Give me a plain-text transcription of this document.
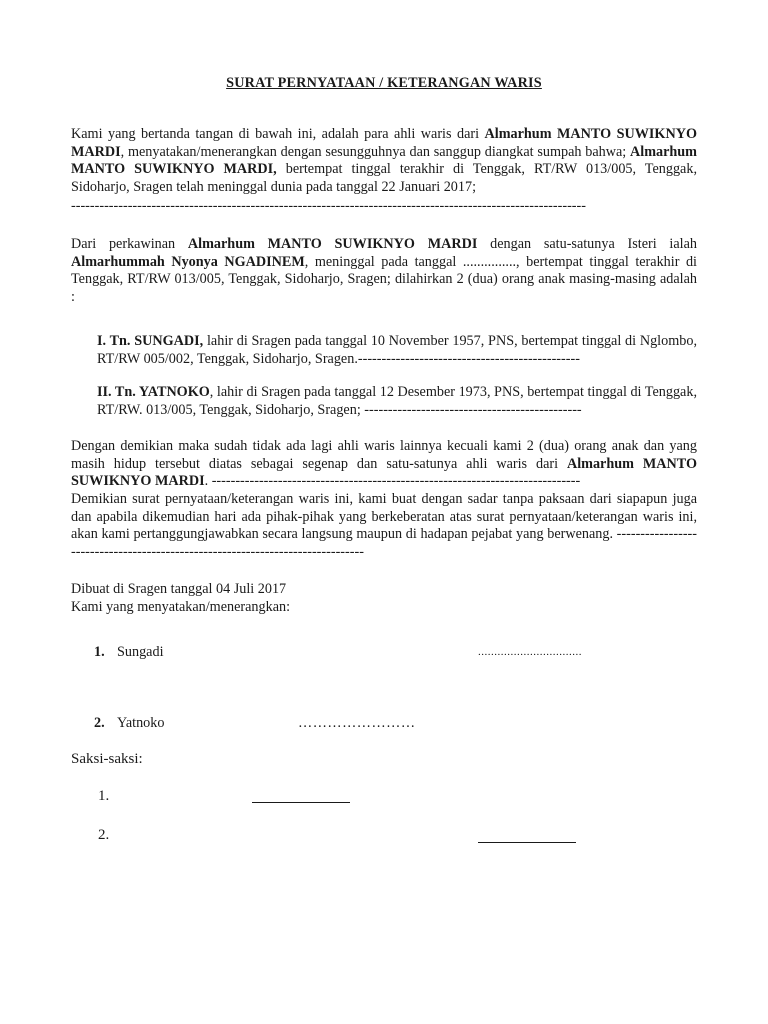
SURAT PERNYATAAN / KETERANGAN WARIS

Kami yang bertanda tangan di bawah ini, adalah para ahli waris dari Almarhum MANTO SUWIKNYO MARDI, menyatakan/menerangkan dengan sesungguhnya dan sanggup diangkat sumpah bahwa; Almarhum MANTO SUWIKNYO MARDI, bertempat tinggal terakhir di Tenggak, RT/RW 013/005, Tenggak, Sidoharjo, Sragen telah meninggal dunia pada tanggal 22 Januari 2017;

-------------------------------------------------------------------------------------------------------------

Dari perkawinan Almarhum MANTO SUWIKNYO MARDI dengan satu-satunya Isteri ialah Almarhummah Nyonya NGADINEM, meninggal pada tanggal ..............., bertempat tinggal terakhir di Tenggak, RT/RW 013/005, Tenggak, Sidoharjo, Sragen; dilahirkan 2 (dua) orang anak masing-masing adalah :

I. Tn. SUNGADI, lahir di Sragen pada tanggal 10 November 1957, PNS, bertempat tinggal di Nglombo, RT/RW 005/002, Tenggak, Sidoharjo, Sragen.-----------------------------------------------

II. Tn. YATNOKO, lahir di Sragen pada tanggal 12 Desember 1973, PNS, bertempat tinggal di Tenggak, RT/RW. 013/005, Tenggak, Sidoharjo, Sragen; ----------------------------------------------

Dengan demikian maka sudah tidak ada lagi ahli waris lainnya kecuali kami 2 (dua) orang anak dan yang masih hidup tersebut diatas sebagai segenap dan satu-satunya ahli waris dari Almarhum MANTO SUWIKNYO MARDI. ------------------------------------------------------------------------------

Demikian surat pernyataan/keterangan waris ini, kami buat dengan sadar tanpa paksaan dari siapapun juga dan apabila dikemudian hari ada pihak-pihak yang berkeberatan atas surat pernyataan/keterangan waris ini, akan kami pertanggungjawabkan secara langsung maupun di hadapan pejabat yang berwenang. -------------------------------------------------------------------------------

Dibuat di Sragen tanggal 04 Juli 2017
Kami yang menyatakan/menerangkan:
1. Sungadi	................................
2. Yatnoko	……………………
Saksi-saksi:
1.
2.
